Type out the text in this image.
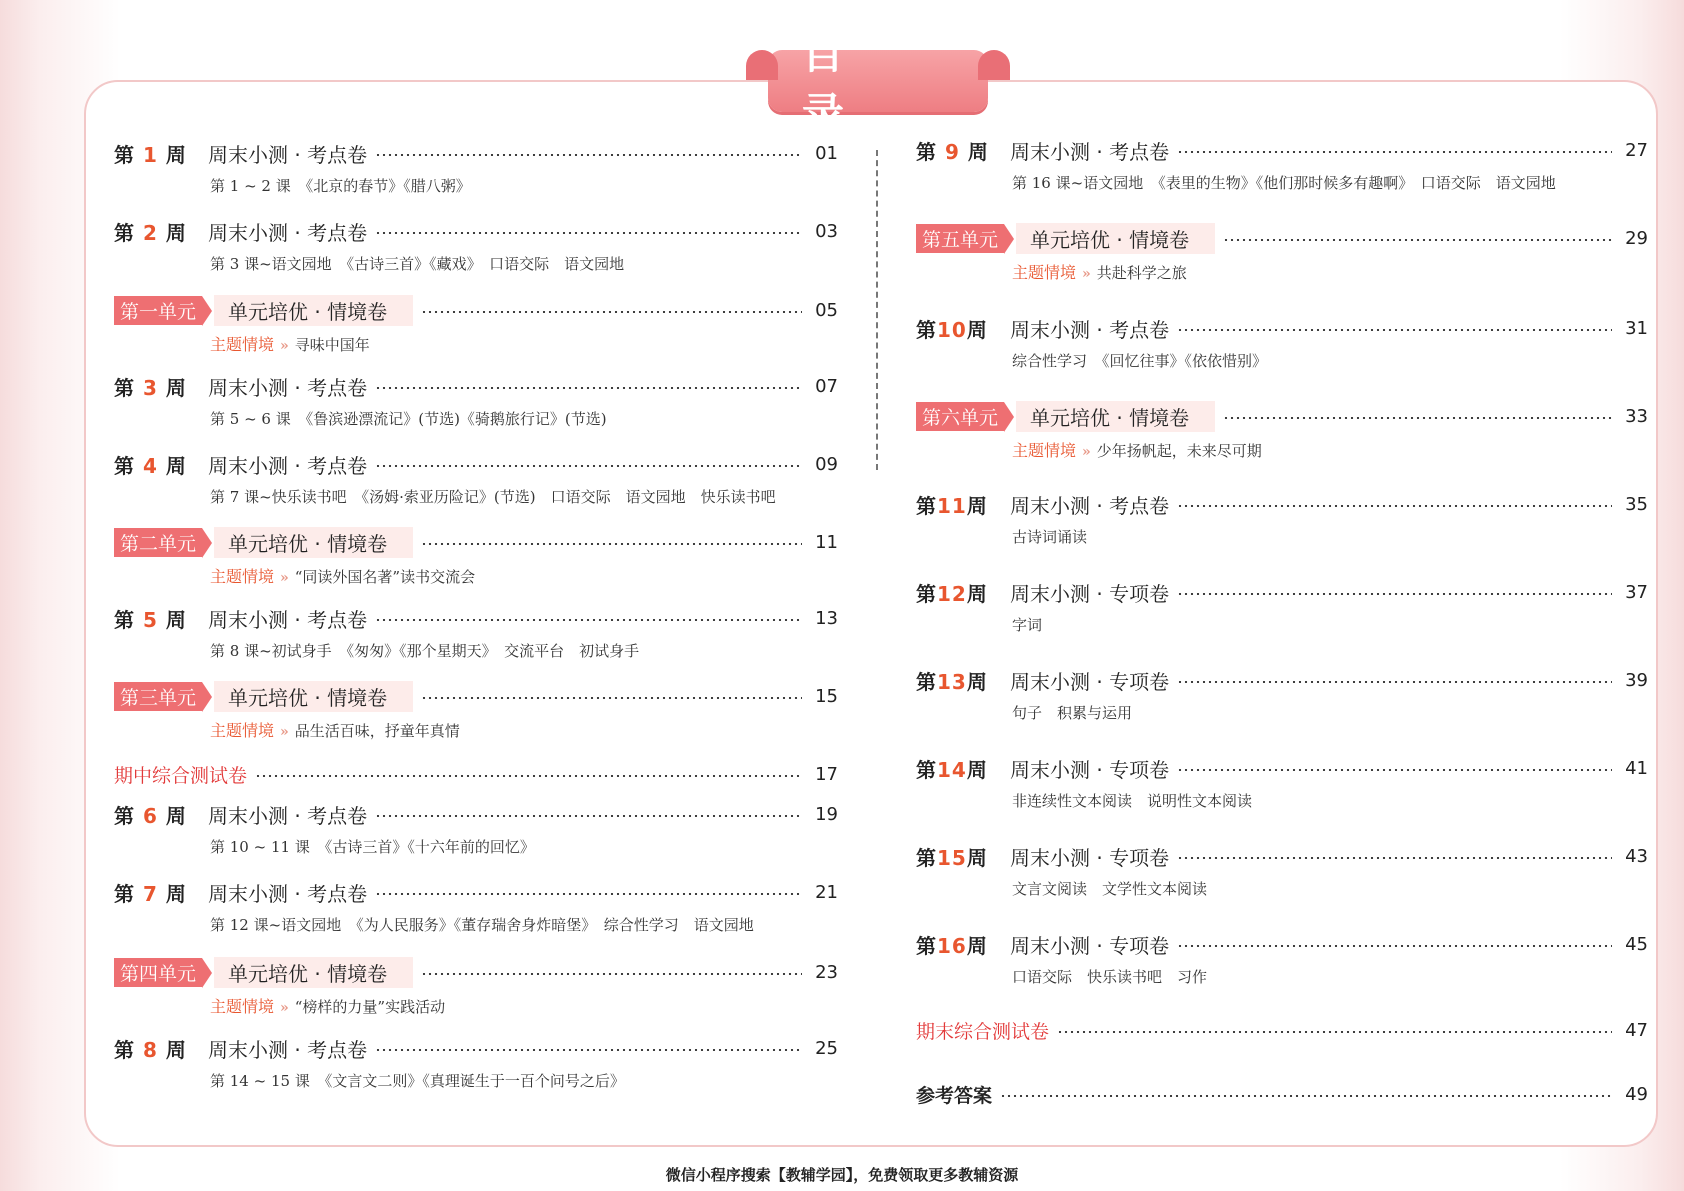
目
第 1 周	周末小测 · 考点卷	01
第 1 ~ 2 课　《北京的春节》《腊八粥》
第 2 周	周末小测 · 考点卷	03
第 3 课~语文园地　《古诗三首》《藏戏》　口语交际　语文园地
第一单元	单元培优 · 情境卷	05
主题情境 » 寻味中国年
第 3 周	周末小测 · 考点卷	07
第 5 ~ 6 课　《鲁滨逊漂流记》(节选)《骑鹅旅行记》(节选)
第 4 周	周末小测 · 考点卷	09
第 7 课~快乐读书吧　《汤姆·索亚历险记》(节选)　口语交际　语文园地　快乐读书吧
第二单元	单元培优 · 情境卷	11
主题情境 » “同读外国名著”读书交流会
第 5 周	周末小测 · 考点卷	13
第 8 课~初试身手　《匆匆》《那个星期天》　交流平台　初试身手
第三单元	单元培优 · 情境卷	15
主题情境 » 品生活百味，抒童年真情
期中综合测试卷	17
第 6 周	周末小测 · 考点卷	19
第 10 ~ 11 课　《古诗三首》《十六年前的回忆》
第 7 周	周末小测 · 考点卷	21
第 12 课~语文园地　《为人民服务》《董存瑞舍身炸暗堡》　综合性学习　语文园地
第四单元	单元培优 · 情境卷	23
主题情境 » “榜样的力量”实践活动
第 8 周	周末小测 · 考点卷	25
第 14 ~ 15 课　《文言文二则》《真理诞生于一百个问号之后》
第 9 周	周末小测 · 考点卷	27
第 16 课~语文园地　《表里的生物》《他们那时候多有趣啊》　口语交际　语文园地
第五单元	单元培优 · 情境卷	29
主题情境 » 共赴科学之旅
第10周	周末小测 · 考点卷	31
综合性学习　《回忆往事》《依依惜别》
第六单元	单元培优 · 情境卷	33
主题情境 » 少年扬帆起，未来尽可期
第11周	周末小测 · 考点卷	35
古诗词诵读
第12周	周末小测 · 专项卷	37
字词
第13周	周末小测 · 专项卷	39
句子　积累与运用
第14周	周末小测 · 专项卷	41
非连续性文本阅读　说明性文本阅读
第15周	周末小测 · 专项卷	43
文言文阅读　文学性文本阅读
第16周	周末小测 · 专项卷	45
口语交际　快乐读书吧　习作
期末综合测试卷	47
参考答案	49
微信小程序搜索【教辅学园】，免费领取更多教辅资源
